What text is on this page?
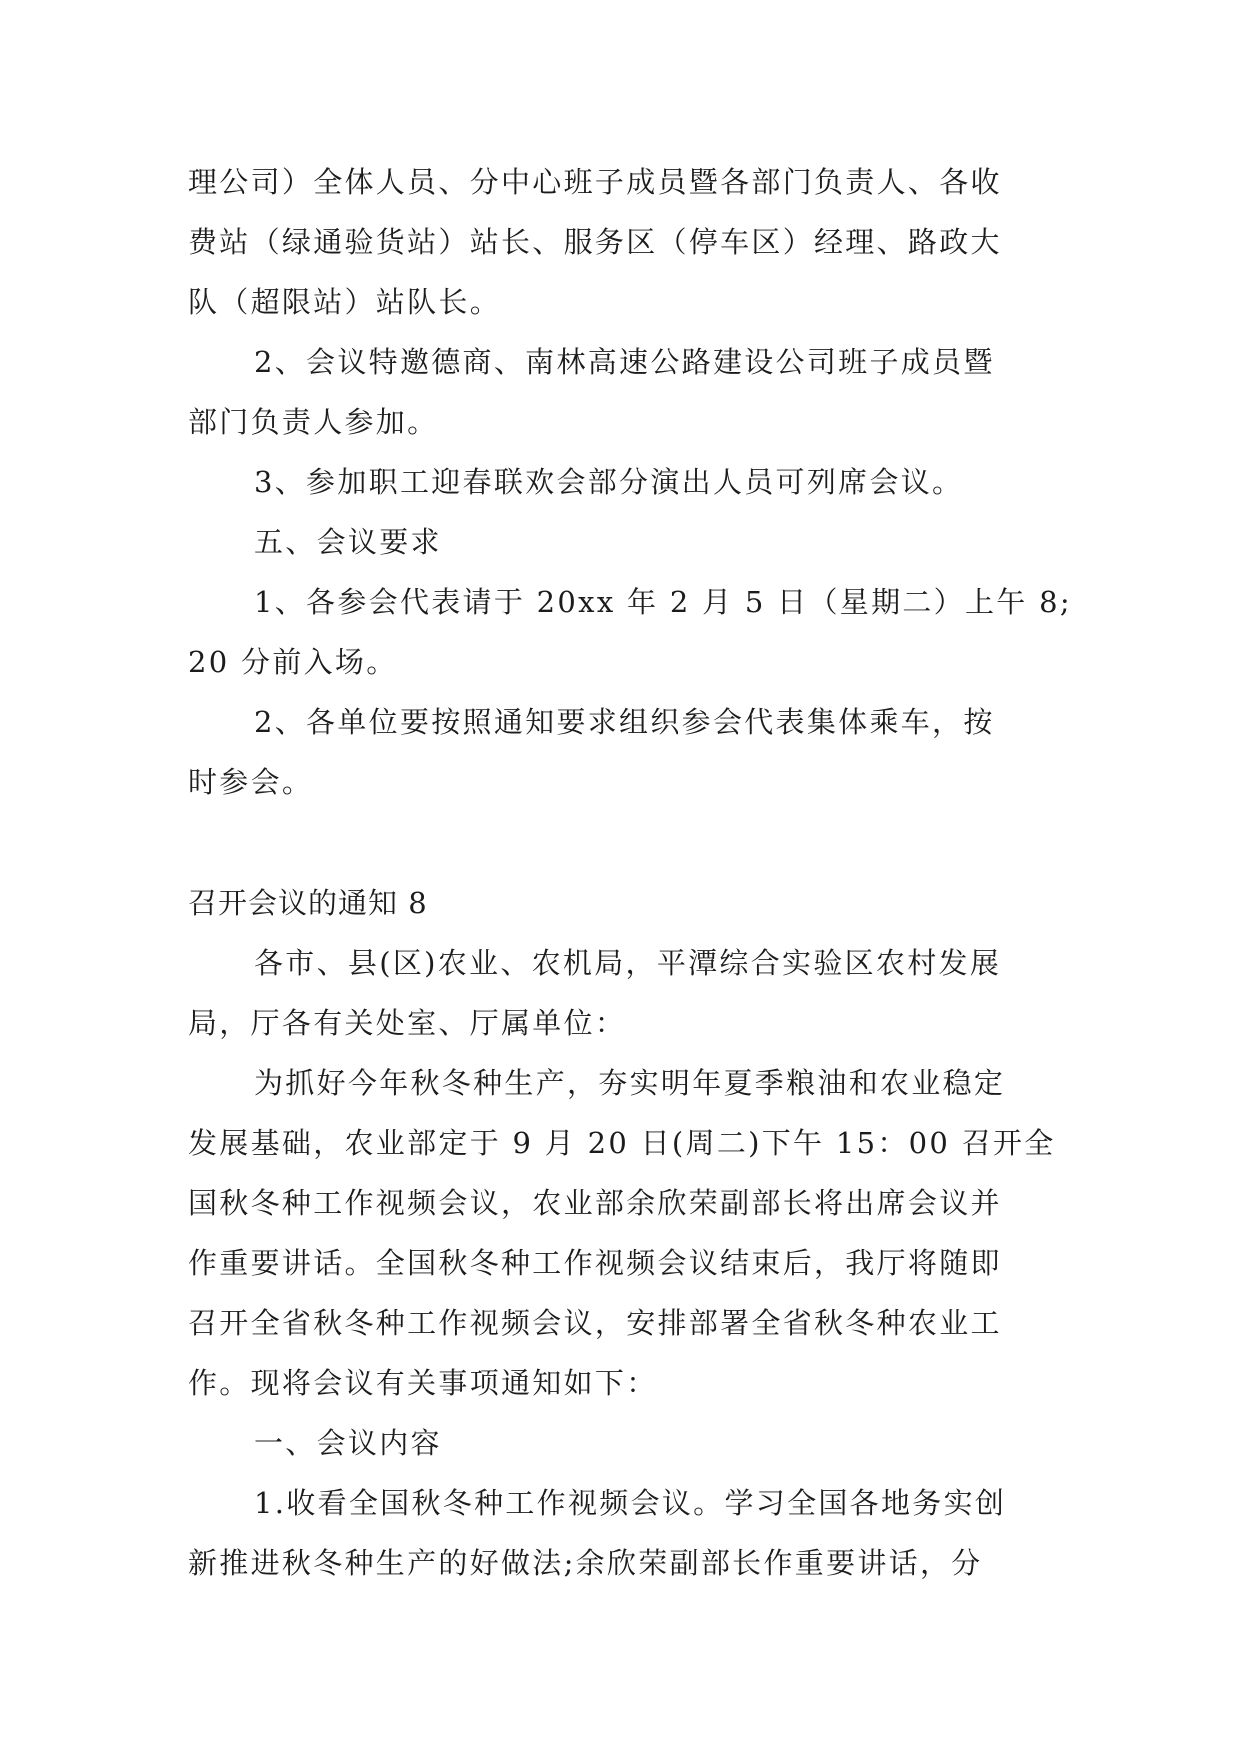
理公司）全体人员、分中心班子成员暨各部门负责人、各收
费站（绿通验货站）站长、服务区（停车区）经理、路政大
队（超限站）站队长。
2、会议特邀德商、南林高速公路建设公司班子成员暨
部门负责人参加。
3、参加职工迎春联欢会部分演出人员可列席会议。
五、会议要求
1、各参会代表请于 20xx 年 2 月 5 日（星期二）上午 8;
20 分前入场。
2、各单位要按照通知要求组织参会代表集体乘车，按
时参会。
召开会议的通知 8
各市、县(区)农业、农机局，平潭综合实验区农村发展
局，厅各有关处室、厅属单位：
为抓好今年秋冬种生产，夯实明年夏季粮油和农业稳定
发展基础，农业部定于 9 月 20 日(周二)下午 15：00 召开全
国秋冬种工作视频会议，农业部余欣荣副部长将出席会议并
作重要讲话。全国秋冬种工作视频会议结束后，我厅将随即
召开全省秋冬种工作视频会议，安排部署全省秋冬种农业工
作。现将会议有关事项通知如下：
一、会议内容
1.收看全国秋冬种工作视频会议。学习全国各地务实创
新推进秋冬种生产的好做法;余欣荣副部长作重要讲话，分
